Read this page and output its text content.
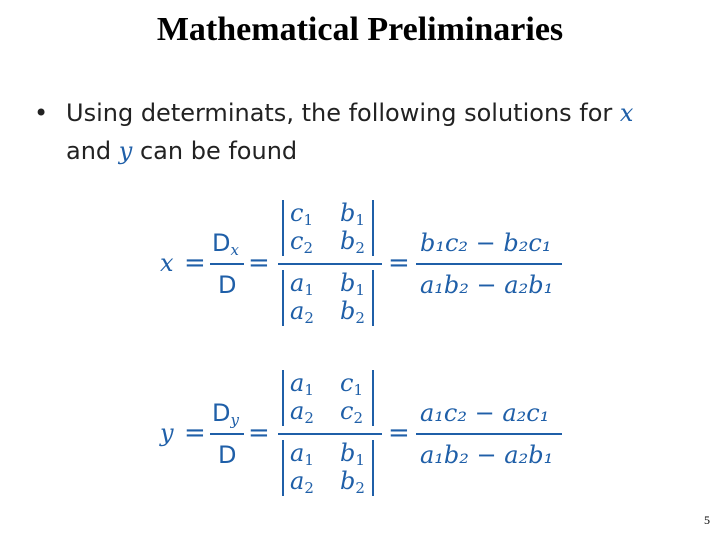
Mathematical Preliminaries
• Using determinats, the following solutions for x
and y can be found
x =
$D_x$
D
=
$c_1$ $b_1$
$c_2$ $b_2$
$a_1$ $b_1$
$a_2$ $b_2$
=
b₁c₂ − b₂c₁
a₁b₂ − a₂b₁
y =
$D_y$
D
=
$a_1$ $c_1$
$a_2$ $c_2$
$a_1$ $b_1$
$a_2$ $b_2$
=
a₁c₂ − a₂c₁
a₁b₂ − a₂b₁
5
